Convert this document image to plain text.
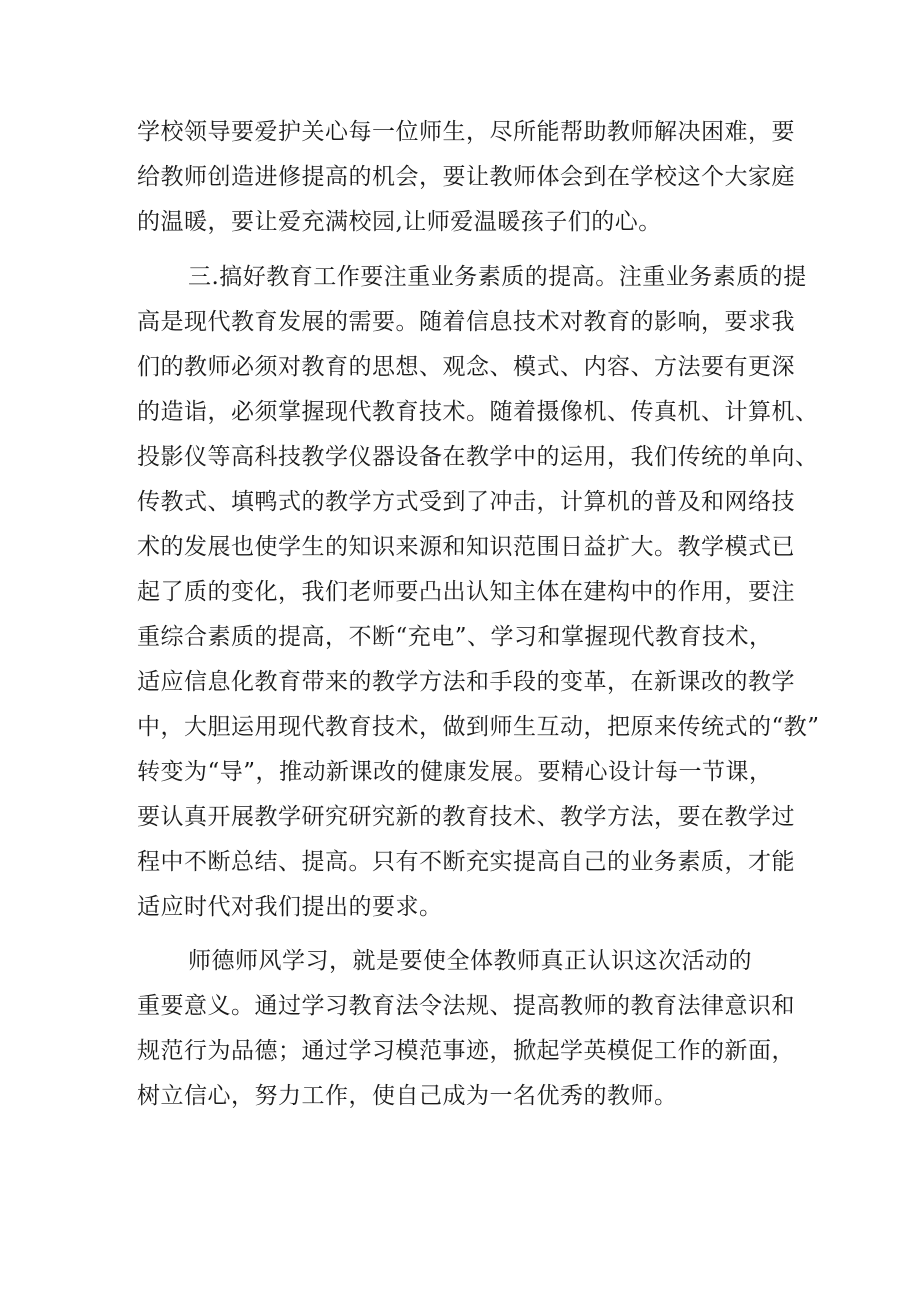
学校领导要爱护关心每一位师生，尽所能帮助教师解决困难，要
给教师创造进修提高的机会，要让教师体会到在学校这个大家庭
的温暖，要让爱充满校园,让师爱温暖孩子们的心。
三.搞好教育工作要注重业务素质的提高。注重业务素质的提
高是现代教育发展的需要。随着信息技术对教育的影响，要求我
们的教师必须对教育的思想、观念、模式、内容、方法要有更深
的造诣，必须掌握现代教育技术。随着摄像机、传真机、计算机、
投影仪等高科技教学仪器设备在教学中的运用，我们传统的单向、
传教式、填鸭式的教学方式受到了冲击，计算机的普及和网络技
术的发展也使学生的知识来源和知识范围日益扩大。教学模式已
起了质的变化，我们老师要凸出认知主体在建构中的作用，要注
重综合素质的提高，不断“充电”、学习和掌握现代教育技术，
适应信息化教育带来的教学方法和手段的变革，在新课改的教学
中，大胆运用现代教育技术，做到师生互动，把原来传统式的“教”
转变为“导”，推动新课改的健康发展。要精心设计每一节课，
要认真开展教学研究研究新的教育技术、教学方法，要在教学过
程中不断总结、提高。只有不断充实提高自己的业务素质，才能
适应时代对我们提出的要求。
师德师风学习，就是要使全体教师真正认识这次活动的
重要意义。通过学习教育法令法规、提高教师的教育法律意识和
规范行为品德；通过学习模范事迹，掀起学英模促工作的新面，
树立信心，努力工作，使自己成为一名优秀的教师。
